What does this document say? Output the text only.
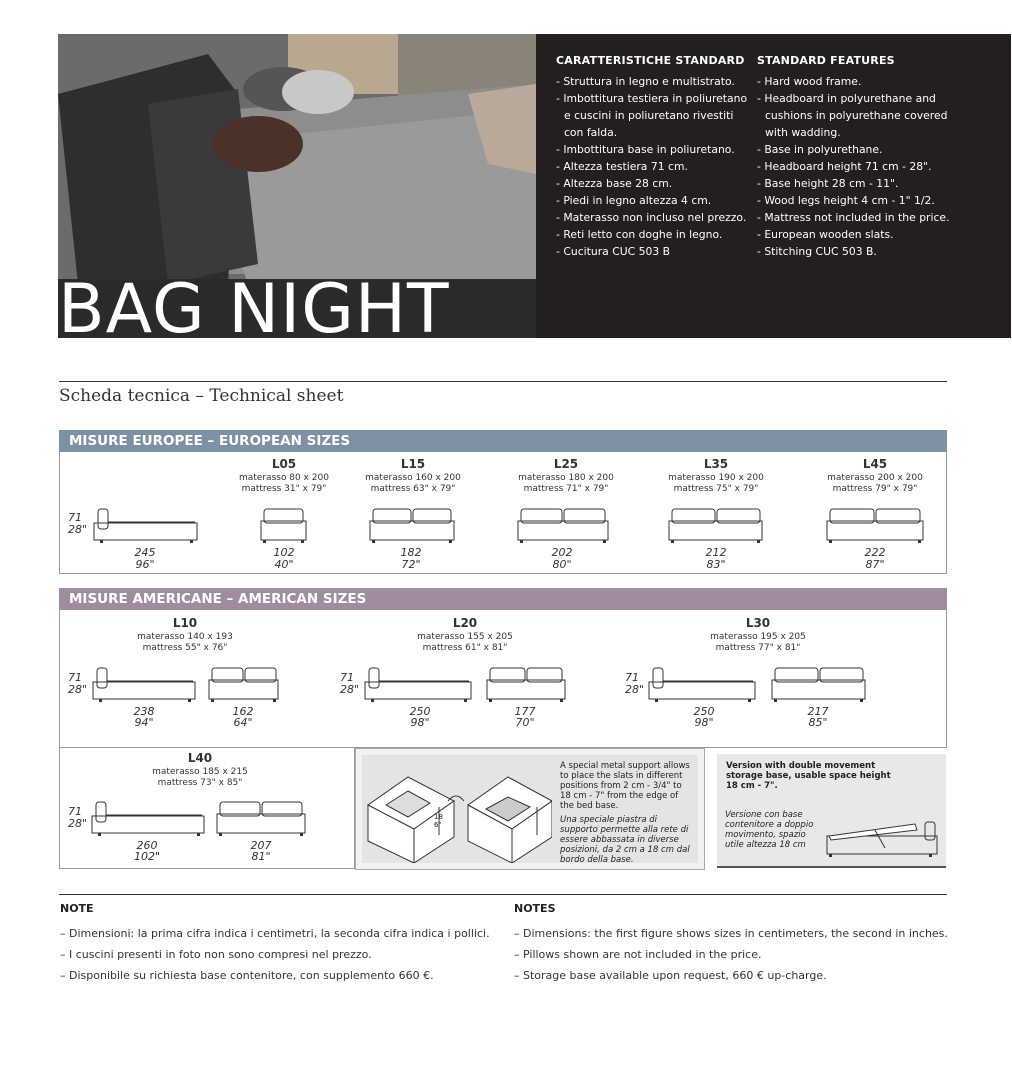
BAG NIGHT
CARATTERISTICHE STANDARD
- Struttura in legno e multistrato.
- Imbottitura testiera in poliuretano e cuscini in poliuretano rivestiti con falda.
- Imbottitura base in poliuretano.
- Altezza testiera 71 cm.
- Altezza base 28 cm.
- Piedi in legno altezza 4 cm.
- Materasso non incluso nel prezzo.
- Reti letto con doghe in legno.
- Cucitura CUC 503 B
STANDARD FEATURES
- Hard wood frame.
- Headboard in polyurethane and cushions in polyurethane covered with wadding.
- Base in polyurethane.
- Headboard height 71 cm - 28".
- Base height 28 cm - 11".
- Wood legs height 4 cm - 1" 1/2.
- Mattress not included in the price.
- European wooden slats.
- Stitching CUC 503 B.
Scheda tecnica – Technical sheet
MISURE EUROPEE – EUROPEAN SIZES
71
28"
245
96"
L05
materasso 80 x 200
mattress 31" x 79"
102
40"
L15
materasso 160 x 200
mattress 63" x 79"
182
72"
L25
materasso 180 x 200
mattress 71" x 79"
202
80"
L35
materasso 190 x 200
mattress 75" x 79"
212
83"
L45
materasso 200 x 200
mattress 79" x 79"
222
87"
MISURE AMERICANE – AMERICAN SIZES
L10
materasso 140 x 193
mattress 55" x 76"
71
28"
238
94"
162
64"
L20
materasso 155 x 205
mattress 61" x 81"
71
28"
250
98"
177
70"
L30
materasso 195 x 205
mattress 77" x 81"
71
28"
250
98"
217
85"
L40
materasso 185 x 215
mattress 73" x 85"
71
28"
260
102"
207
81"
18
6"
A special metal support allows to place the slats in different positions from 2 cm - 3/4" to 18 cm - 7" from the edge of the bed base.
Una speciale piastra di supporto permette alla rete di essere abbassata in diverse posizioni, da 2 cm a 18 cm dal bordo della base.
Version with double movement storage base, usable space height 18 cm - 7".
Versione con base contenitore a doppio movimento, spazio utile altezza 18 cm
NOTE
– Dimensioni: la prima cifra indica i centimetri, la seconda cifra indica i pollici.
– I cuscini presenti in foto non sono compresi nel prezzo.
– Disponibile su richiesta base contenitore, con supplemento 660 €.
NOTES
– Dimensions: the first figure shows sizes in centimeters, the second in inches.
– Pillows shown are not included in the price.
– Storage base available upon request, 660 € up-charge.
